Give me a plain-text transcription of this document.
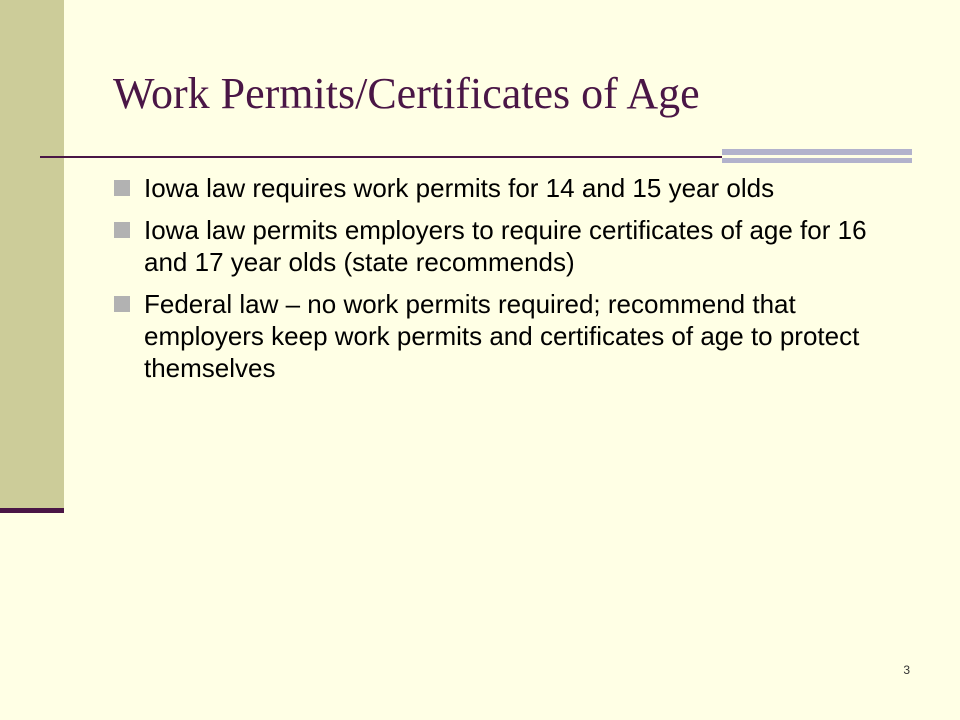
Work Permits/Certificates of Age
Iowa law requires work permits for 14 and 15 year olds
Iowa law permits employers to require certificates of age for 16 and 17 year olds (state recommends)
Federal law – no work permits required; recommend that employers keep work permits and certificates of age to protect themselves
3
